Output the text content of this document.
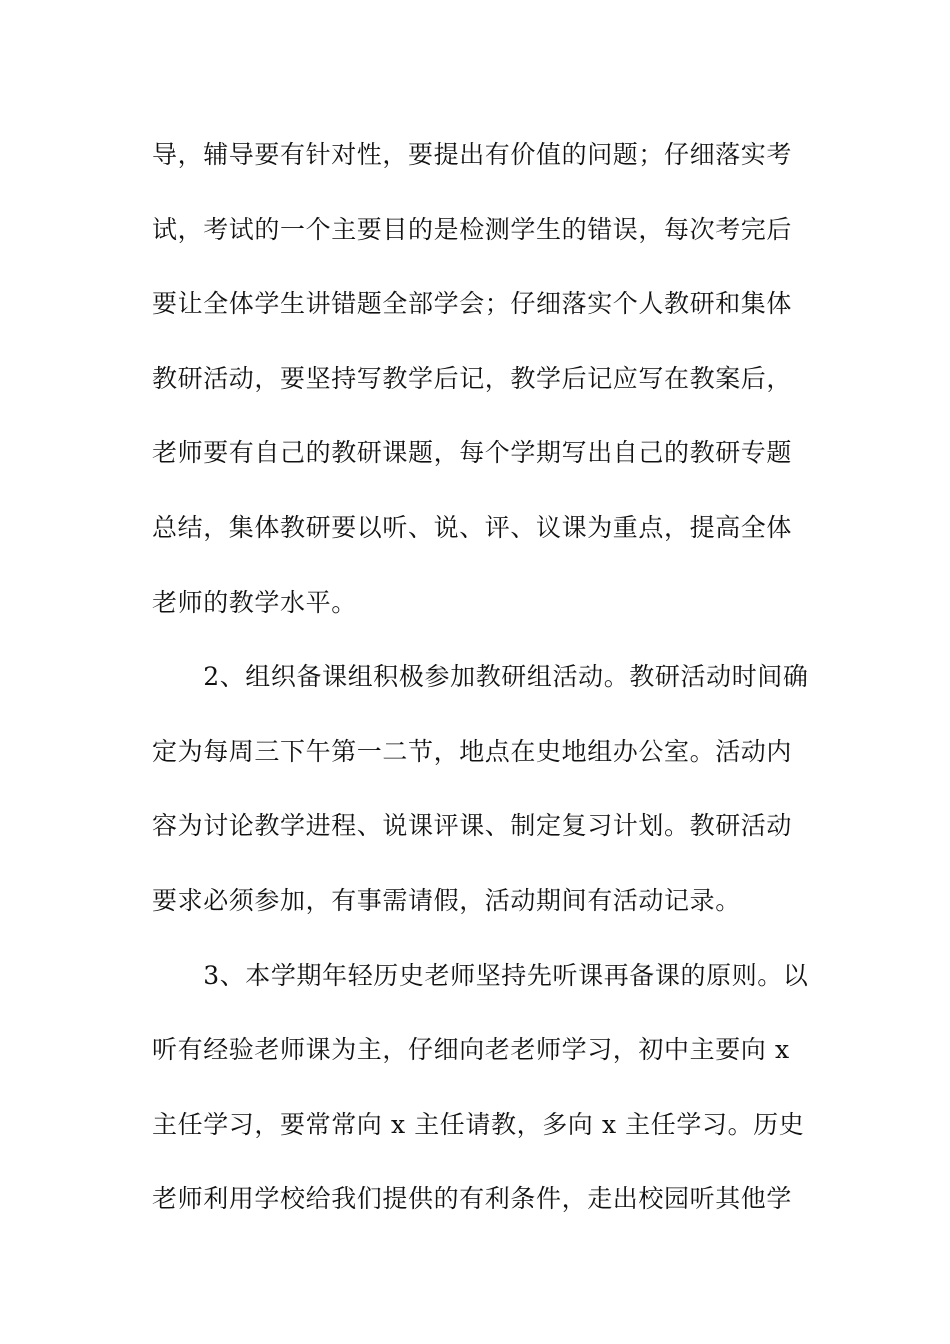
导，辅导要有针对性，要提出有价值的问题；仔细落实考
试，考试的一个主要目的是检测学生的错误，每次考完后
要让全体学生讲错题全部学会；仔细落实个人教研和集体
教研活动，要坚持写教学后记，教学后记应写在教案后，
老师要有自己的教研课题，每个学期写出自己的教研专题
总结，集体教研要以听、说、评、议课为重点，提高全体
老师的教学水平。
　　2、组织备课组积极参加教研组活动。教研活动时间确
定为每周三下午第一二节，地点在史地组办公室。活动内
容为讨论教学进程、说课评课、制定复习计划。教研活动
要求必须参加，有事需请假，活动期间有活动记录。
　　3、本学期年轻历史老师坚持先听课再备课的原则。以
听有经验老师课为主，仔细向老老师学习，初中主要向 x
主任学习，要常常向 x 主任请教，多向 x 主任学习。历史
老师利用学校给我们提供的有利条件，走出校园听其他学
